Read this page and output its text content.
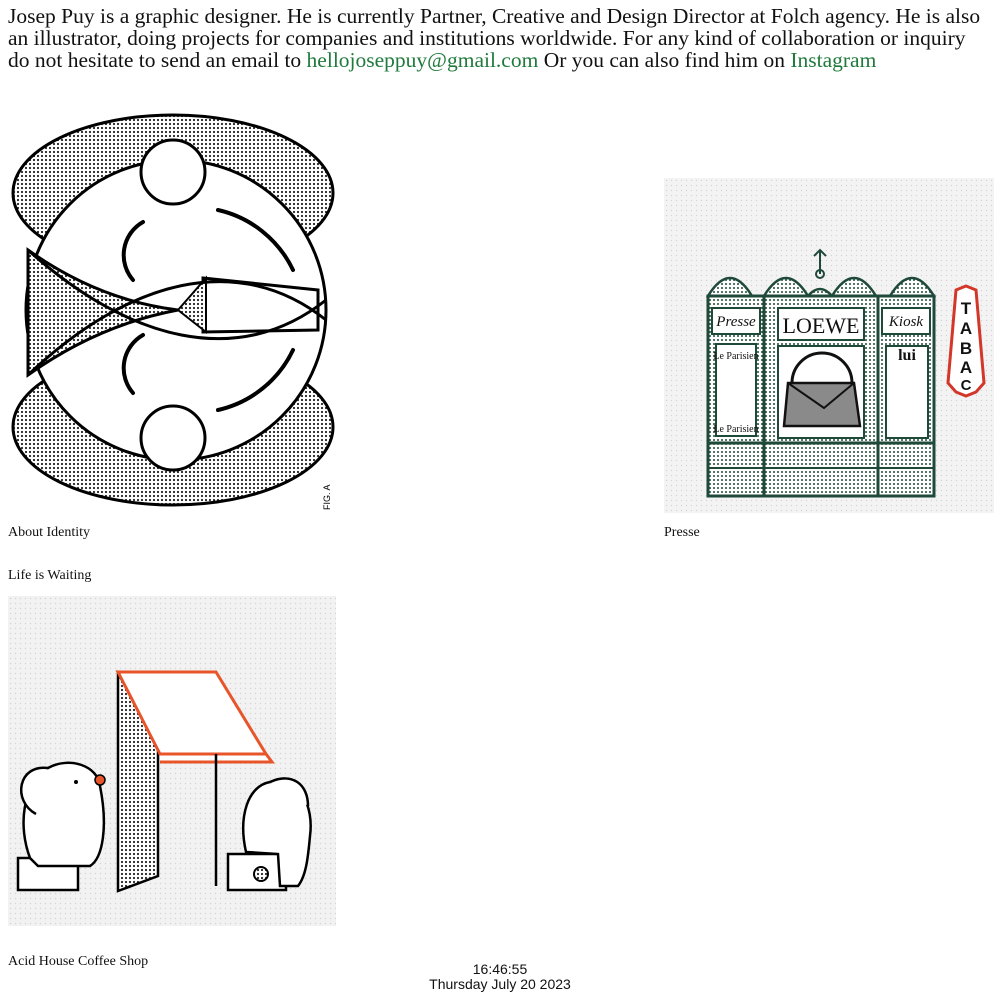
Josep Puy is a graphic designer. He is currently Partner, Creative and Design Director at Folch agency. He is also an illustrator, doing projects for companies and institutions worldwide. For any kind of collaboration or inquiry do not hesitate to send an email to hellojoseppuy@gmail.com Or you can also find him on Instagram

FIG. A

About Identity

Presse LOEWE Kiosk
lui
Le Parisien
Le Parisien
T
A
B
A
C

Presse

Life is Waiting

Acid House Coffee Shop	16:46:55
Thursday July 20 2023
